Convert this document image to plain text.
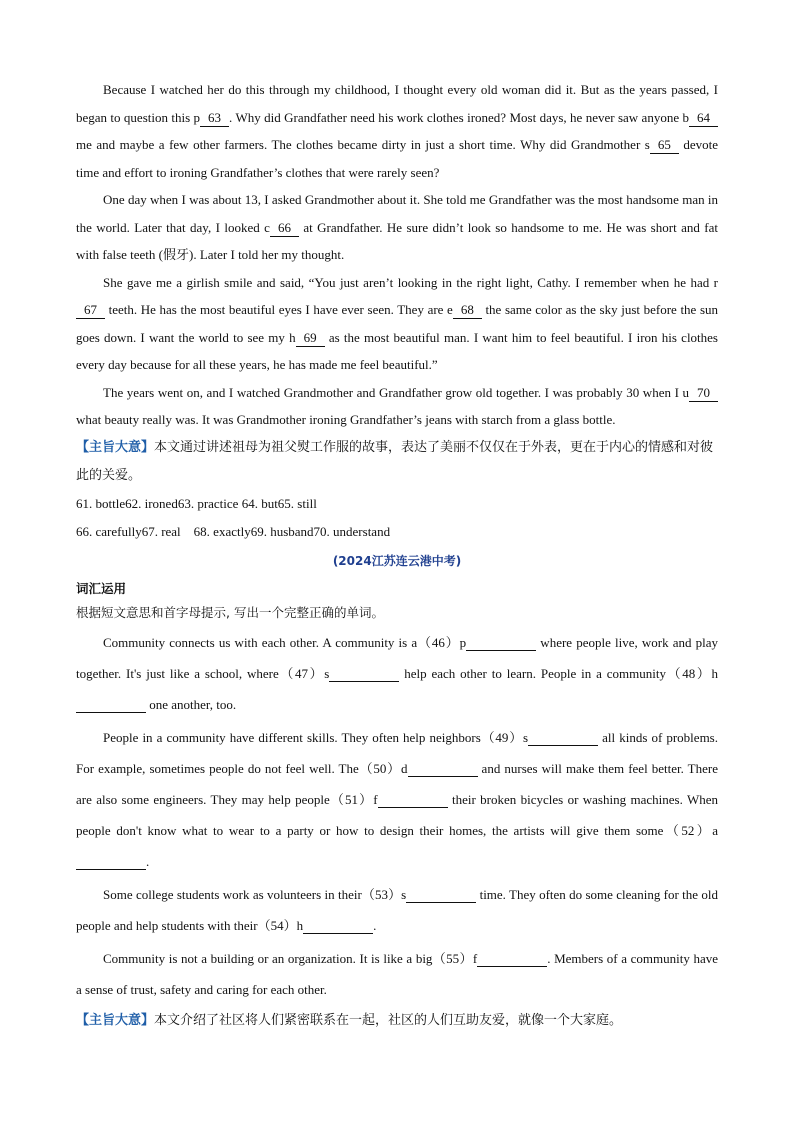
Because I watched her do this through my childhood, I thought every old woman did it. But as the years passed, I began to question this p 63 . Why did Grandfather need his work clothes ironed? Most days, he never saw anyone b 64 me and maybe a few other farmers. The clothes became dirty in just a short time. Why did Grandmother s 65 devote time and effort to ironing Grandfather’s clothes that were rarely seen?

One day when I was about 13, I asked Grandmother about it. She told me Grandfather was the most handsome man in the world. Later that day, I looked c 66 at Grandfather. He sure didn’t look so handsome to me. He was short and fat with false teeth (假牙). Later I told her my thought.

She gave me a girlish smile and said, “You just aren’t looking in the right light, Cathy. I remember when he had r67 teeth. He has the most beautiful eyes I have ever seen. They are e 68 the same color as the sky just before the sun goes down. I want the world to see my h 69 as the most beautiful man. I want him to feel beautiful. I iron his clothes every day because for all these years, he has made me feel beautiful.”

The years went on, and I watched Grandmother and Grandfather grow old together. I was probably 30 when I u 70 what beauty really was. It was Grandmother ironing Grandfather’s jeans with starch from a glass bottle.

【主旨大意】本文通过讲述祖母为祖父熨工作服的故事，表达了美丽不仅仅在于外表，更在于内心的情感和对彼此的关爱。

61. bottle62. ironed63. practice 64. but65. still

66. carefully67. real    68. exactly69. husband70. understand

(2024江苏连云港中考)
词汇运用

根据短文意思和首字母提示, 写出一个完整正确的单词。

Community connects us with each other. A community is a（46）p	where people live, work and play together. It's just like a school, where（47）s	help each other to learn. People in a community（48）h one another, too.

People in a community have different skills. They often help neighbors（49）s	all kinds of problems. For example, sometimes people do not feel well. The（50）d	and nurses will make them feel better. There are also some engineers. They may help people（51）f	their broken bicycles or washing machines. When people don't know what to wear to a party or how to design their homes, the artists will give them some（52）a.

Some college students work as volunteers in their（53）s	time. They often do some cleaning for the old people and help students with their（54）h	.

Community is not a building or an organization. It is like a big（55）f	. Members of a community have a sense of trust, safety and caring for each other.

【主旨大意】本文介绍了社区将人们紧密联系在一起，社区的人们互助友爱，就像一个大家庭。
